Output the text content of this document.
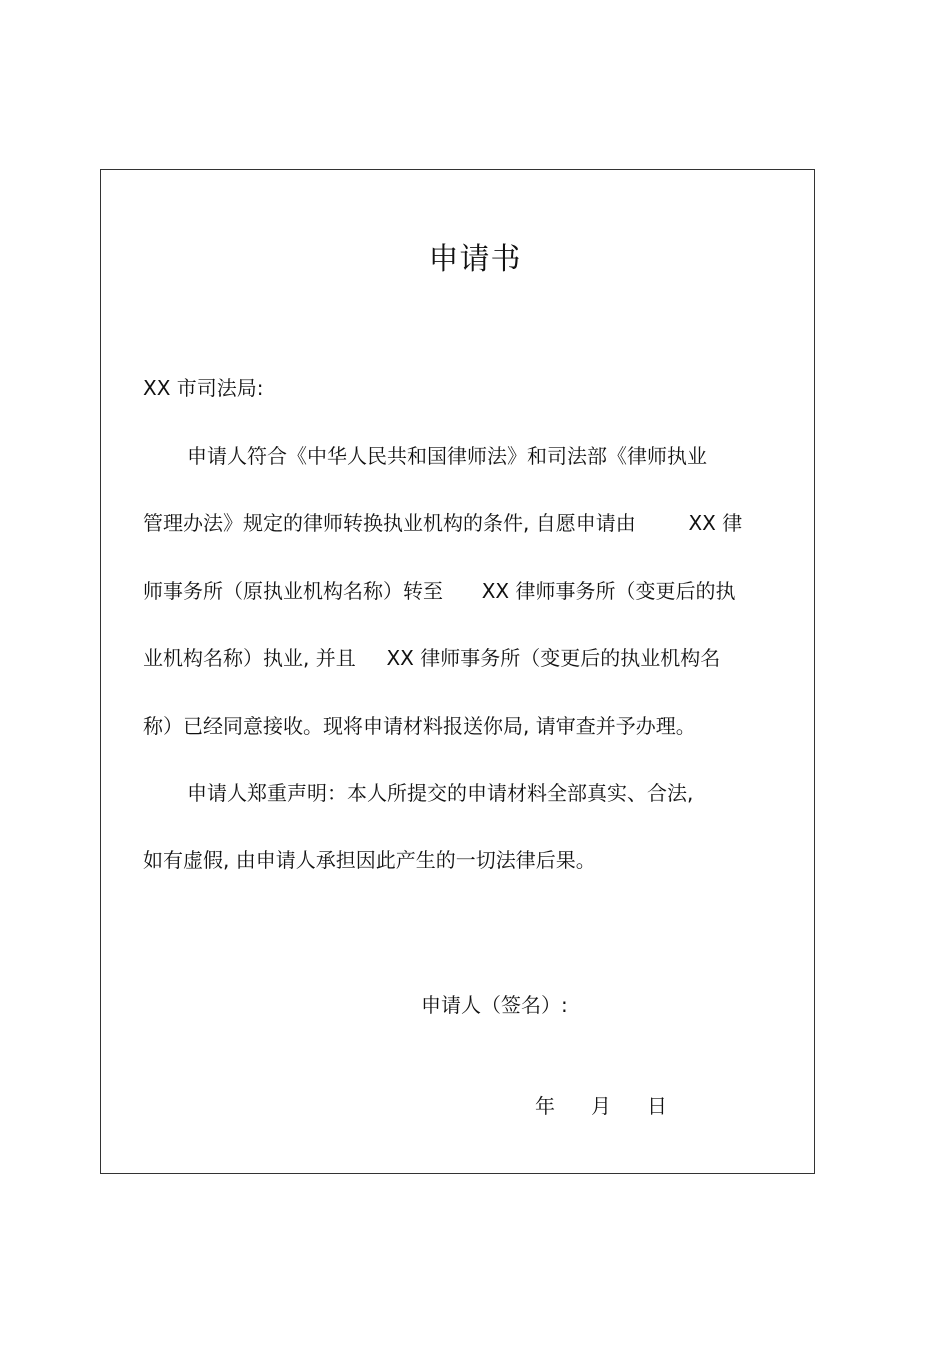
申请书
XX 市司法局:
申请人符合《中华人民共和国律师法》和司法部《律师执业
管理办法》规定的律师转换执业机构的条件, 自愿申请由	XX 律
师事务所（原执业机构名称）转至 XX 律师事务所（变更后的执
业机构名称）执业, 并且 XX 律师事务所（变更后的执业机构名
称）已经同意接收。现将申请材料报送你局, 请审查并予办理。
申请人郑重声明：本人所提交的申请材料全部真实、合法,
如有虚假, 由申请人承担因此产生的一切法律后果。
申请人（签名）:
年 月 日
